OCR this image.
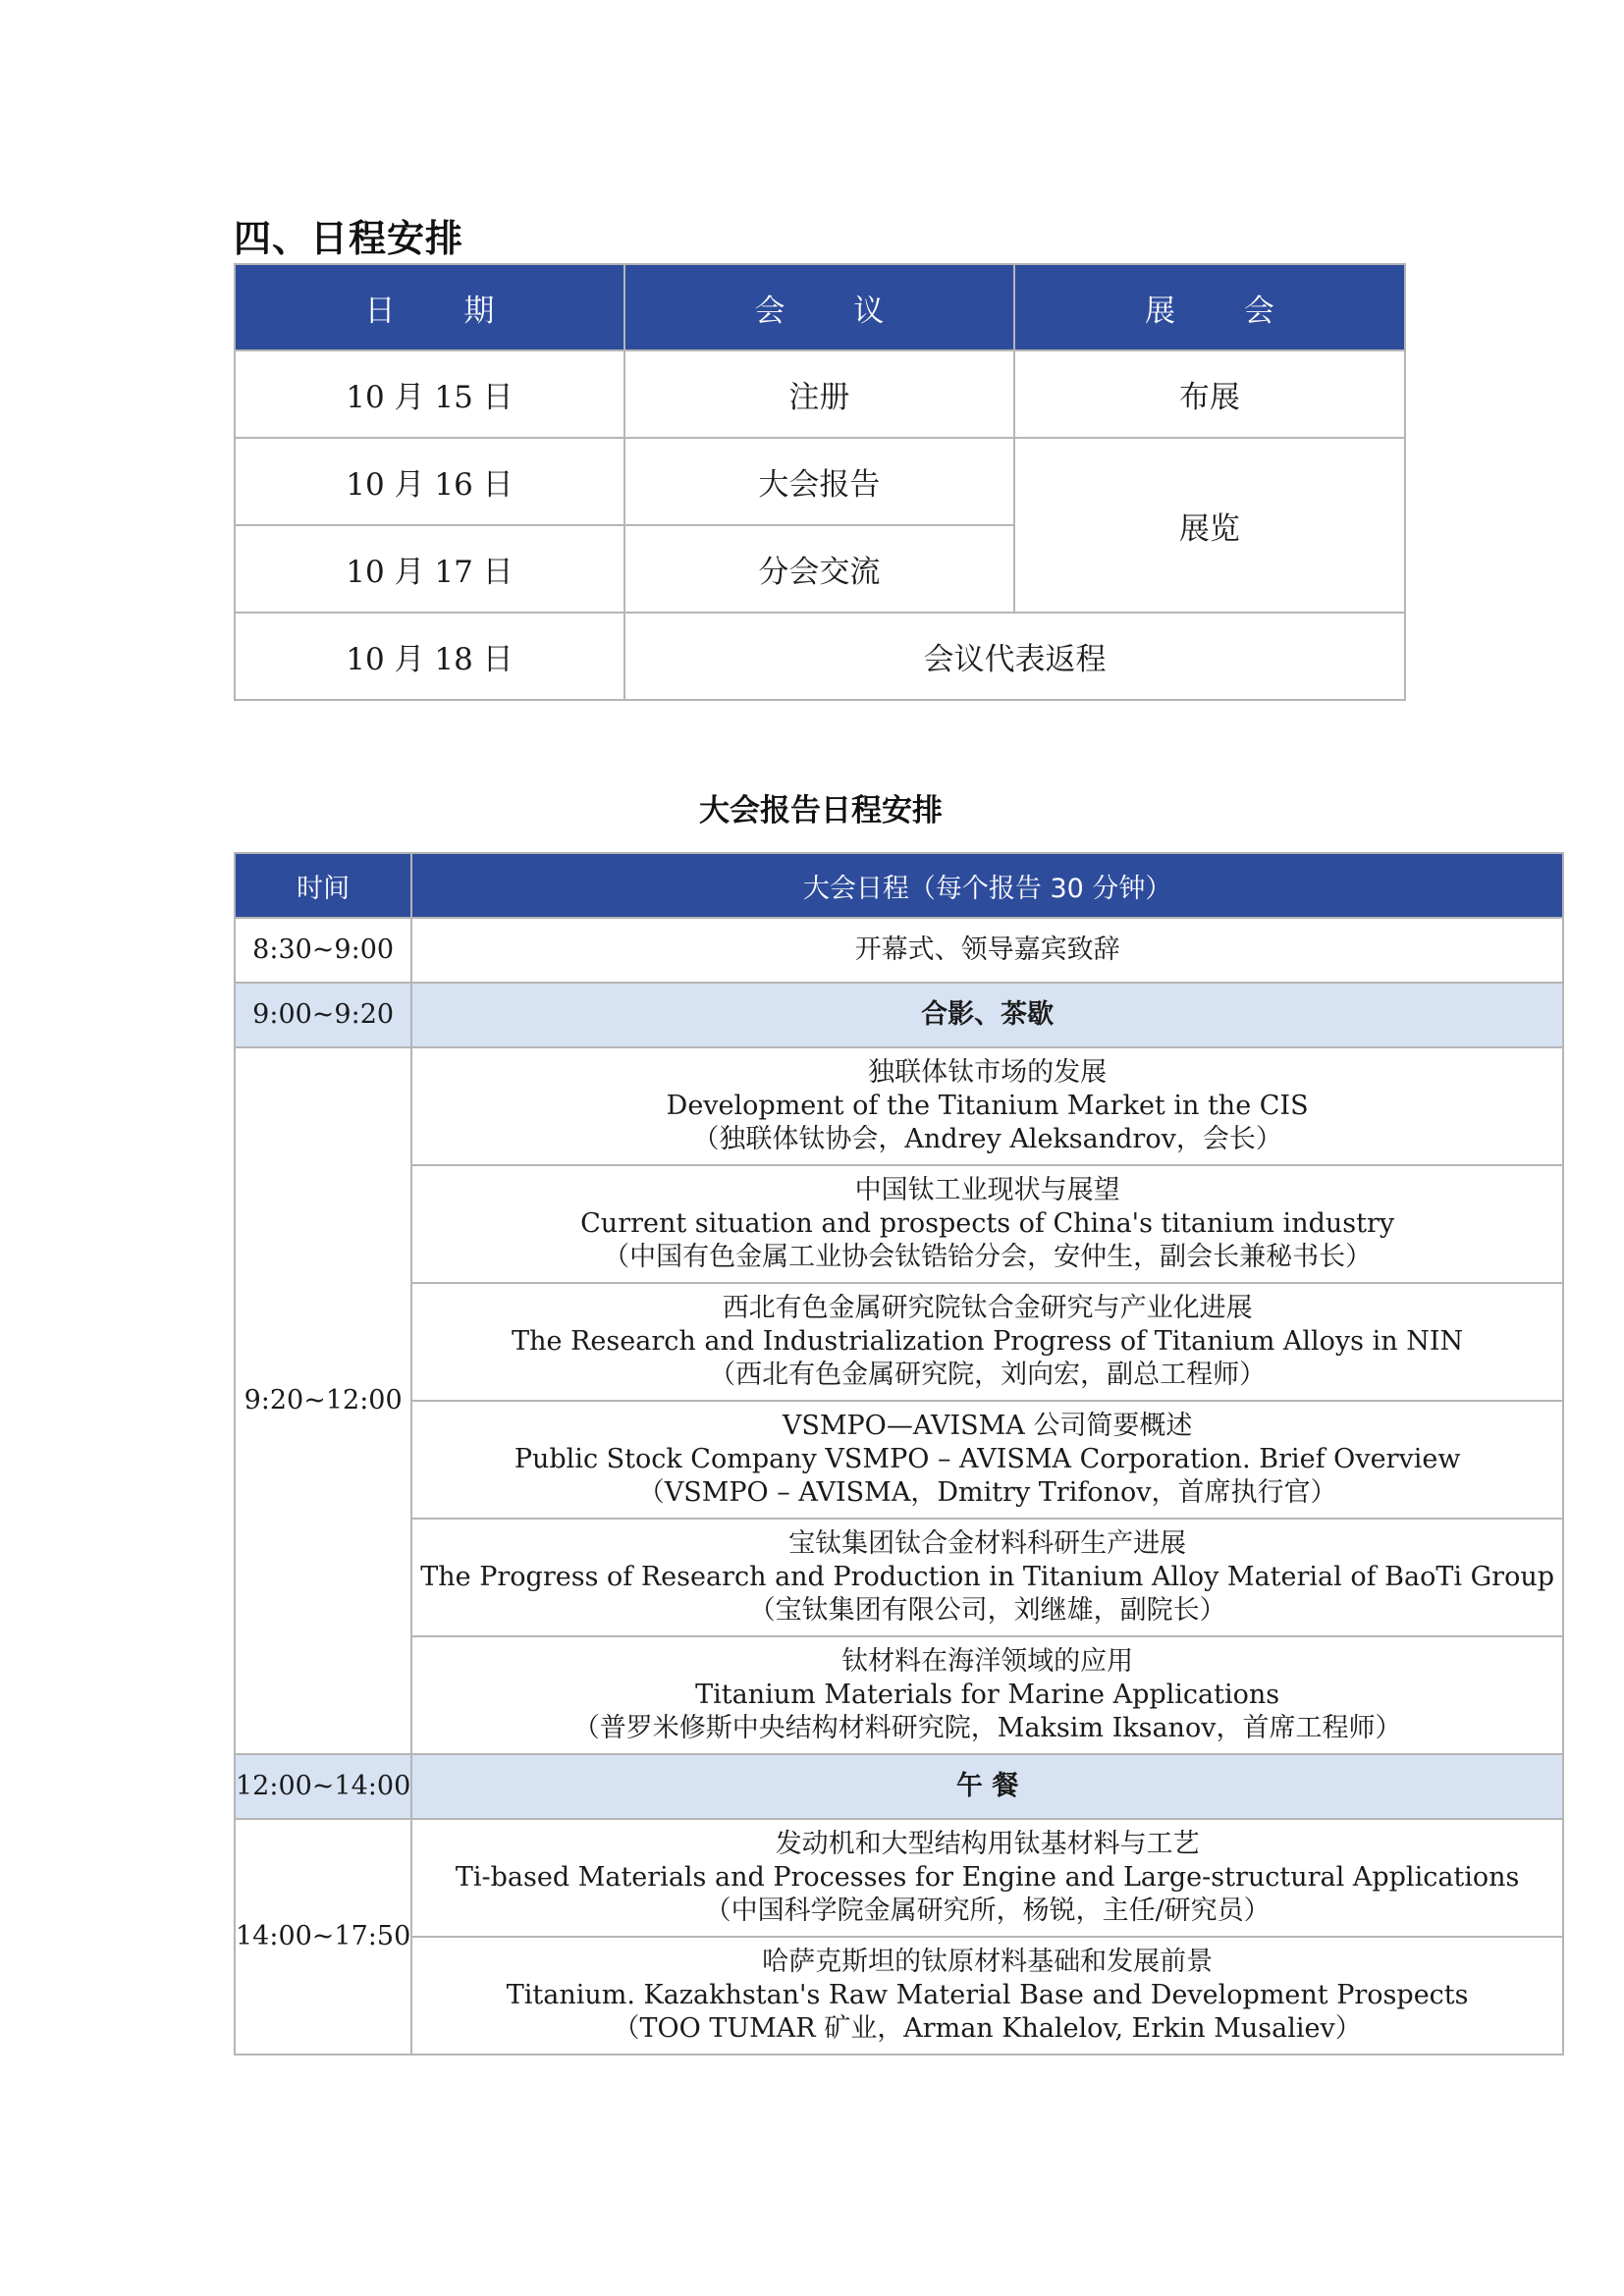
四、日程安排
日 期	会 议	展 会
10 月 15 日	注册	布展
10 月 16 日	大会报告	展览
10 月 17 日	分会交流	
10 月 18 日	会议代表返程	
大会报告日程安排
时间	大会日程（每个报告 30 分钟）
8:30~9:00	开幕式、领导嘉宾致辞
9:00~9:20	合影、茶歇
9:20~12:00	独联体钛市场的发展
Development of the Titanium Market in the CIS
（独联体钛协会，Andrey Aleksandrov，会长）

	中国钛工业现状与展望
Current situation and prospects of China's titanium industry
（中国有色金属工业协会钛锆铪分会，安仲生，副会长兼秘书长）

	西北有色金属研究院钛合金研究与产业化进展
The Research and Industrialization Progress of Titanium Alloys in NIN
（西北有色金属研究院，刘向宏，副总工程师）

	VSMPO—AVISMA 公司简要概述
Public Stock Company VSMPO – AVISMA Corporation. Brief Overview
（VSMPO – AVISMA，Dmitry Trifonov，首席执行官）

	宝钛集团钛合金材料科研生产进展
The Progress of Research and Production in Titanium Alloy Material of BaoTi Group
（宝钛集团有限公司，刘继雄，副院长）

	钛材料在海洋领域的应用
Titanium Materials for Marine Applications
（普罗米修斯中央结构材料研究院，Maksim Iksanov，首席工程师）

12:00~14:00	午 餐
14:00~17:50	发动机和大型结构用钛基材料与工艺
Ti-based Materials and Processes for Engine and Large-structural Applications
（中国科学院金属研究所，杨锐，主任/研究员）

	哈萨克斯坦的钛原材料基础和发展前景
Titanium. Kazakhstan's Raw Material Base and Development Prospects
（TOO TUMAR 矿业，Arman Khalelov, Erkin Musaliev）
